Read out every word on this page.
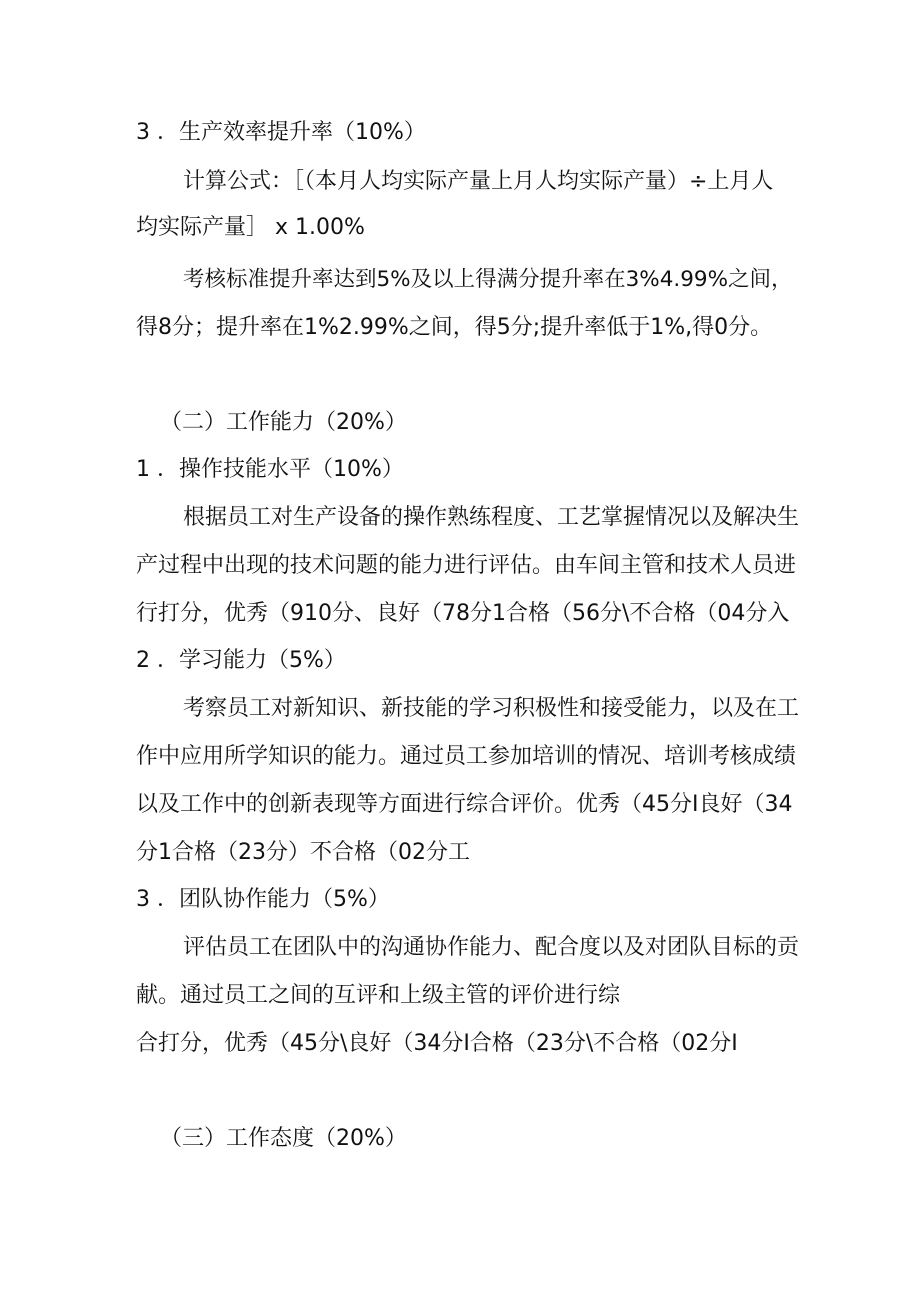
3 ．生产效率提升率（10%）
计算公式：［（本月人均实际产量上月人均实际产量）÷上月人
均实际产量］ x 1.00%
考核标准提升率达到5%及以上得满分提升率在3%4.99%之间，
得8分；提升率在1%2.99%之间，得5分;提升率低于1%,得0分。
（二）工作能力（20%）
1 ．操作技能水平（10%）
根据员工对生产设备的操作熟练程度、工艺掌握情况以及解决生
产过程中出现的技术问题的能力进行评估。由车间主管和技术人员进
行打分，优秀（910分、良好（78分1合格（56分\不合格（04分入
2 ．学习能力（5%）
考察员工对新知识、新技能的学习积极性和接受能力，以及在工
作中应用所学知识的能力。通过员工参加培训的情况、培训考核成绩
以及工作中的创新表现等方面进行综合评价。优秀（45分I良好（34
分1合格（23分）不合格（02分工
3 ．团队协作能力（5%）
评估员工在团队中的沟通协作能力、配合度以及对团队目标的贡
献。通过员工之间的互评和上级主管的评价进行综
合打分，优秀（45分\良好（34分I合格（23分\不合格（02分I
（三）工作态度（20%）
